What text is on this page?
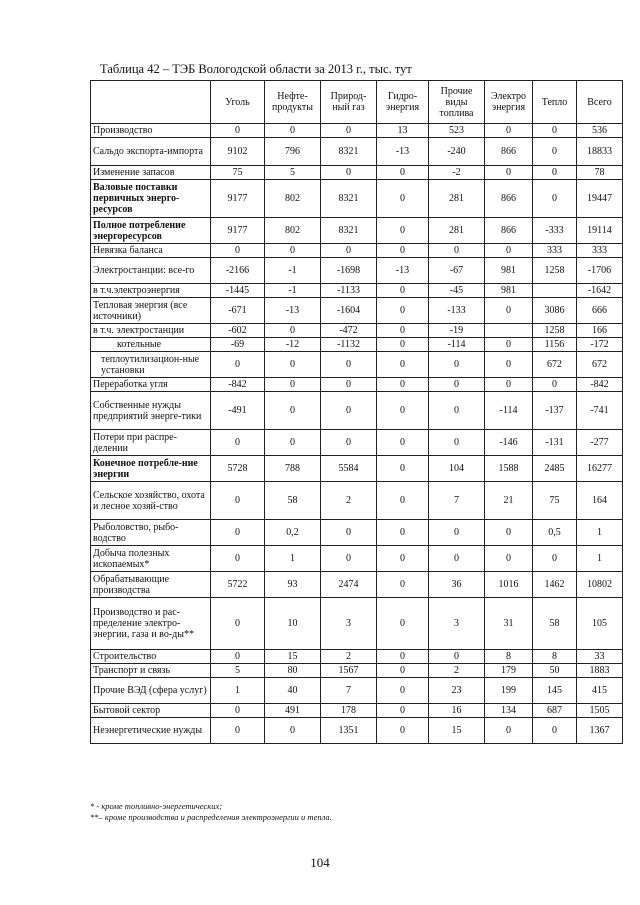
Таблица 42 – ТЭБ Вологодской области за 2013 г., тыс. тут
	Уголь	Нефте-продукты	Природ-ный газ	Гидро-энергия	Прочие виды топлива	Электро энергия	Тепло	Всего
Производство	0	0	0	13	523	0	0	536
Сальдо экспорта-импорта	9102	796	8321	-13	-240	866	0	18833
Изменение запасов	75	5	0	0	-2	0	0	78
Валовые поставки первичных энерго-ресурсов	9177	802	8321	0	281	866	0	19447
Полное потребление энергоресурсов	9177	802	8321	0	281	866	-333	19114
Невязка баланса	0	0	0	0	0	0	333	333
Электростанции: все-го	-2166	-1	-1698	-13	-67	981	1258	-1706
в т.ч.электроэнергия	-1445	-1	-1133	0	-45	981		-1642
Тепловая энергия (все источники)	-671	-13	-1604	0	-133	0	3086	666
в т.ч. электростанции	-602	0	-472	0	-19		1258	166
котельные	-69	-12	-1132	0	-114	0	1156	-172
теплоутилизацион-ные установки	0	0	0	0	0	0	672	672
Переработка угля	-842	0	0	0	0	0	0	-842
Собственные нужды предприятий энерге-тики	-491	0	0	0	0	-114	-137	-741
Потери при распре-делении	0	0	0	0	0	-146	-131	-277
Конечное потребле-ние энергии	5728	788	5584	0	104	1588	2485	16277
Сельское хозяйство, охота и лесное хозяй-ство	0	58	2	0	7	21	75	164
Рыболовство, рыбо-водство	0	0,2	0	0	0	0	0,5	1
Добыча полезных ископаемых*	0	1	0	0	0	0	0	1
Обрабатывающие производства	5722	93	2474	0	36	1016	1462	10802
Производство и рас-пределение электро-энергии, газа и во-ды**	0	10	3	0	3	31	58	105
Строительство	0	15	2	0	0	8	8	33
Транспорт и связь	5	80	1567	0	2	179	50	1883
Прочие ВЭД (сфера услуг)	1	40	7	0	23	199	145	415
Бытовой сектор	0	491	178	0	16	134	687	1505
Неэнергетические нужды	0	0	1351	0	15	0	0	1367
* - кроме топливно-энергетических;
**– кроме производства и распределения электроэнергии и тепла.
104
